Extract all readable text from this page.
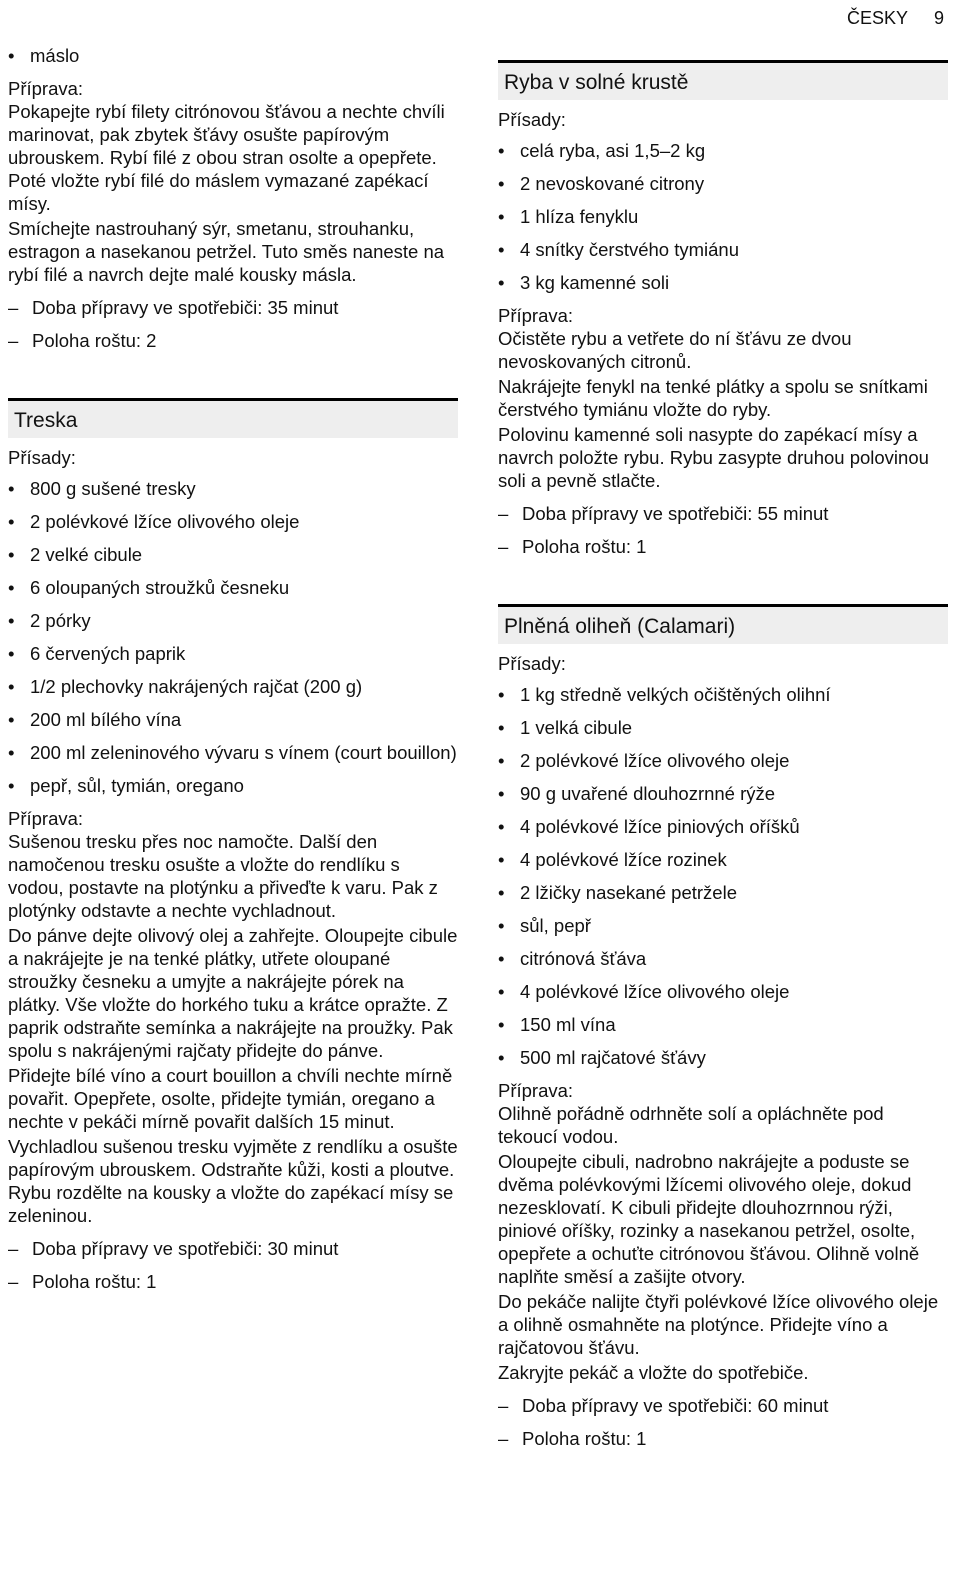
ČESKY 9
• máslo
Příprava:

Pokapejte rybí filety citrónovou šťávou a nechte chvíli marinovat, pak zbytek šťávy osušte papírovým ubrouskem. Rybí filé z obou stran osolte a opepřete. Poté vložte rybí filé do máslem vymazané zapékací mísy.

Smíchejte nastrouhaný sýr, smetanu, strouhanku, estragon a nasekanou petržel. Tuto směs naneste na rybí filé a navrch dejte malé kousky másla.

– Doba přípravy ve spotřebiči: 35 minut
– Poloha roštu: 2
Treska
Přísady:
• 800 g sušené tresky
• 2 polévkové lžíce olivového oleje
• 2 velké cibule
• 6 oloupaných stroužků česneku
• 2 pórky
• 6 červených paprik
• 1/2 plechovky nakrájených rajčat (200 g)
• 200 ml bílého vína
• 200 ml zeleninového vývaru s vínem (court bouillon)
• pepř, sůl, tymián, oregano
Příprava:

Sušenou tresku přes noc namočte. Další den namočenou tresku osušte a vložte do rendlíku s vodou, postavte na plotýnku a přiveďte k varu. Pak z plotýnky odstavte a nechte vychladnout.

Do pánve dejte olivový olej a zahřejte. Oloupejte cibule a nakrájejte je na tenké plátky, utřete oloupané stroužky česneku a umyjte a nakrájejte pórek na plátky. Vše vložte do horkého tuku a krátce opražte. Z paprik odstraňte semínka a nakrájejte na proužky. Pak spolu s nakrájenými rajčaty přidejte do pánve.

Přidejte bílé víno a court bouillon a chvíli nechte mírně povařit. Opepřete, osolte, přidejte tymián, oregano a nechte v pekáči mírně povařit dalších 15 minut.

Vychladlou sušenou tresku vyjměte z rendlíku a osušte papírovým ubrouskem. Odstraňte kůži, kosti a ploutve. Rybu rozdělte na kousky a vložte do zapékací mísy se zeleninou.

– Doba přípravy ve spotřebiči: 30 minut
– Poloha roštu: 1
Ryba v solné krustě
Přísady:
• celá ryba, asi 1,5–2 kg
• 2 nevoskované citrony
• 1 hlíza fenyklu
• 4 snítky čerstvého tymiánu
• 3 kg kamenné soli
Příprava:

Očistěte rybu a vetřete do ní šťávu ze dvou nevoskovaných citronů.

Nakrájejte fenykl na tenké plátky a spolu se snítkami čerstvého tymiánu vložte do ryby.

Polovinu kamenné soli nasypte do zapékací mísy a navrch položte rybu. Rybu zasypte druhou polovinou soli a pevně stlačte.

– Doba přípravy ve spotřebiči: 55 minut
– Poloha roštu: 1
Plněná oliheň (Calamari)
Přísady:
• 1 kg středně velkých očištěných olihní
• 1 velká cibule
• 2 polévkové lžíce olivového oleje
• 90 g uvařené dlouhozrnné rýže
• 4 polévkové lžíce piniových oříšků
• 4 polévkové lžíce rozinek
• 2 lžičky nasekané petržele
• sůl, pepř
• citrónová šťáva
• 4 polévkové lžíce olivového oleje
• 150 ml vína
• 500 ml rajčatové šťávy
Příprava:

Olihně pořádně odrhněte solí a opláchněte pod tekoucí vodou.

Oloupejte cibuli, nadrobno nakrájejte a poduste se dvěma polévkovými lžícemi olivového oleje, dokud nezesklovatí. K cibuli přidejte dlouhozrnnou rýži, piniové oříšky, rozinky a nasekanou petržel, osolte, opepřete a ochuťte citrónovou šťávou. Olihně volně naplňte směsí a zašijte otvory.

Do pekáče nalijte čtyři polévkové lžíce olivového oleje a olihně osmahněte na plotýnce. Přidejte víno a rajčatovou šťávu.

Zakryjte pekáč a vložte do spotřebiče.

– Doba přípravy ve spotřebiči: 60 minut
– Poloha roštu: 1
